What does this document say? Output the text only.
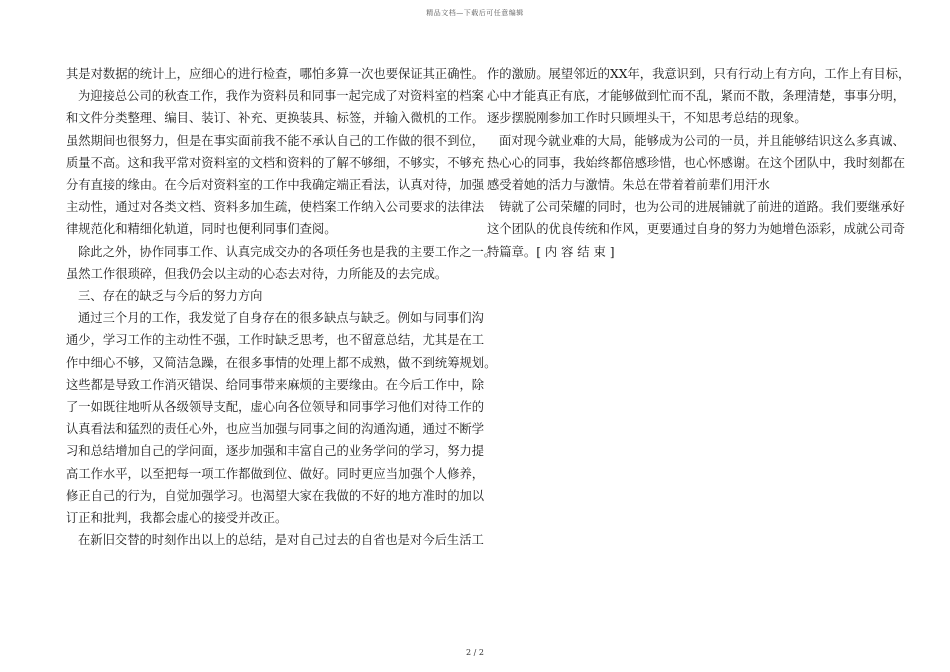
精品文档—下载后可任意编辑
其是对数据的统计上，应细心的进行检查，哪怕多算一次也要保证其正确性。
为迎接总公司的秋查工作，我作为资料员和同事一起完成了对资料室的档案
和文件分类整理、编目、装订、补充、更换装具、标签，并输入微机的工作。
虽然期间也很努力，但是在事实面前我不能不承认自己的工作做的很不到位，
质量不高。这和我平常对资料室的文档和资料的了解不够细，不够实，不够充
分有直接的缘由。在今后对资料室的工作中我确定端正看法，认真对待，加强
主动性，通过对各类文档、资料多加生疏，使档案工作纳入公司要求的法律法
律规范化和精细化轨道，同时也便利同事们查阅。
除此之外，协作同事工作、认真完成交办的各项任务也是我的主要工作之一。
虽然工作很琐碎，但我仍会以主动的心态去对待，力所能及的去完成。
三、存在的缺乏与今后的努力方向
通过三个月的工作，我发觉了自身存在的很多缺点与缺乏。例如与同事们沟
通少，学习工作的主动性不强，工作时缺乏思考，也不留意总结，尤其是在工
作中细心不够，又简洁急躁，在很多事情的处理上都不成熟，做不到统筹规划。
这些都是导致工作消灭错误、给同事带来麻烦的主要缘由。在今后工作中，除
了一如既往地听从各级领导支配，虚心向各位领导和同事学习他们对待工作的
认真看法和猛烈的责任心外，也应当加强与同事之间的沟通沟通，通过不断学
习和总结增加自己的学问面，逐步加强和丰富自己的业务学问的学习，努力提
高工作水平，以至把每一项工作都做到位、做好。同时更应当加强个人修养，
修正自己的行为，自觉加强学习。也渴望大家在我做的不好的地方准时的加以
订正和批判，我都会虚心的接受并改正。
在新旧交替的时刻作出以上的总结，是对自己过去的自省也是对今后生活工
作的激励。展望邻近的XX年，我意识到，只有行动上有方向，工作上有目标，
心中才能真正有底，才能够做到忙而不乱，紧而不散，条理清楚，事事分明，
逐步摆脱刚参加工作时只顾埋头干，不知思考总结的现象。
面对现今就业难的大局，能够成为公司的一员，并且能够结识这么多真诚、
热心心的同事，我始终都倍感珍惜，也心怀感谢。在这个团队中，我时刻都在
感受着她的活力与激情。朱总在带着着前辈们用汗水
铸就了公司荣耀的同时，也为公司的进展铺就了前进的道路。我们要继承好
这个团队的优良传统和作风，更要通过自身的努力为她增色添彩，成就公司奇
特篇章。[ 内 容 结 束 ]
2 / 2
